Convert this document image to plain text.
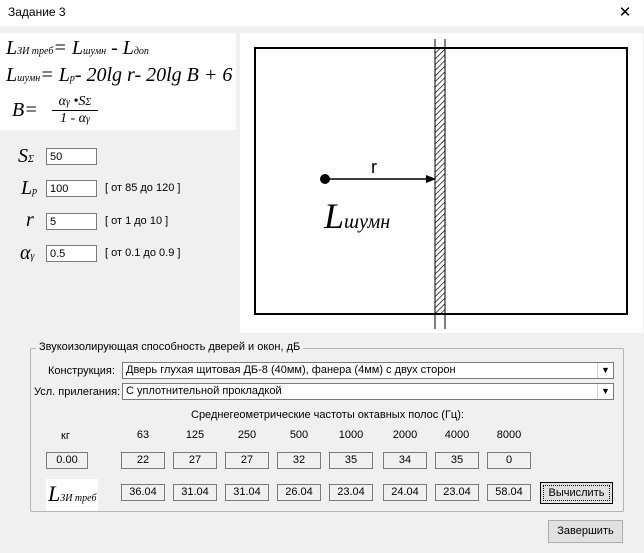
Задание 3	✕
LЗИ треб= Lшумн - Lдоп
Lшумн= Lр- 20lg r- 20lg B + 6
B=	αγ •SΣ
1 - αγ
SΣ
50
Lр
100	[ от 85 до 120 ]
r
5	[ от 1 до 10 ]
αγ
0.5	[ от 0.1 до 0.9 ]
r
Lшумн
Звукоизолирующая способность дверей и окон, дБ
Конструкция: Дверь глухая щитовая ДБ-8 (40мм), фанера (4мм) с двух сторон	▼
Усл. прилегания: С уплотнительной прокладкой	▼
Среднегеометрические частоты октавных полос (Гц):
кг
0.00
63	125	250	500	1000	2000	4000	8000
22	27	27	32	35	34	35	0
LЗИ треб
36.04	31.04	31.04	26.04	23.04	24.04	23.04	58.04	Вычислить
Завершить
